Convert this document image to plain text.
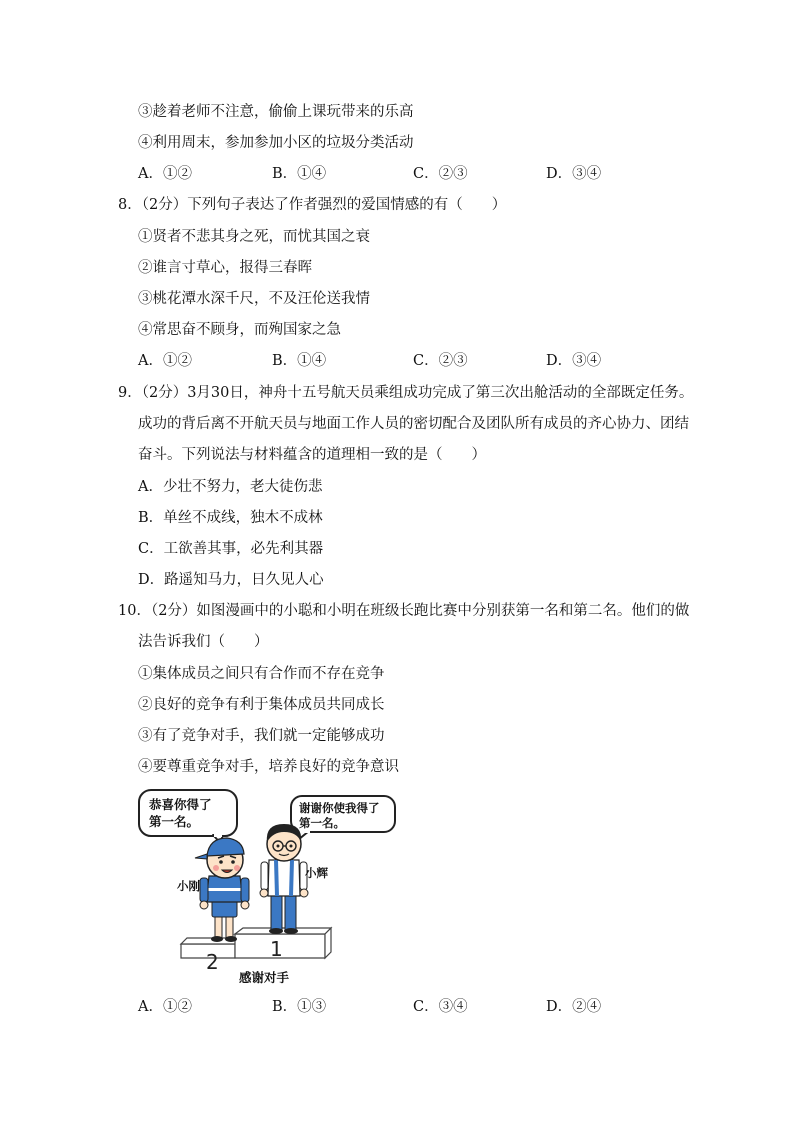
③趁着老师不注意，偷偷上课玩带来的乐高
④利用周末，参加参加小区的垃圾分类活动
A．①②	B．①④	C．②③	D．③④
8．（2分）下列句子表达了作者强烈的爱国情感的有（　　）
①贤者不悲其身之死，而忧其国之衰
②谁言寸草心，报得三春晖
③桃花潭水深千尺，不及汪伦送我情
④常思奋不顾身，而殉国家之急
A．①②	B．①④	C．②③	D．③④
9．（2分）3月30日，神舟十五号航天员乘组成功完成了第三次出舱活动的全部既定任务。
成功的背后离不开航天员与地面工作人员的密切配合及团队所有成员的齐心协力、团结
奋斗。下列说法与材料蕴含的道理相一致的是（　　）
A．少壮不努力，老大徒伤悲
B．单丝不成线，独木不成林
C．工欲善其事，必先利其器
D．路遥知马力，日久见人心
10．（2分）如图漫画中的小聪和小明在班级长跑比赛中分别获第一名和第二名。他们的做
法告诉我们（　　）
①集体成员之间只有合作而不存在竞争
②良好的竞争有利于集体成员共同成长
③有了竞争对手，我们就一定能够成功
④要尊重竞争对手，培养良好的竞争意识
恭喜你得了
第一名。
谢谢你使我得了
第一名。
2
1
小刚
小辉
感谢对手
A．①②	B．①③	C．③④	D．②④
